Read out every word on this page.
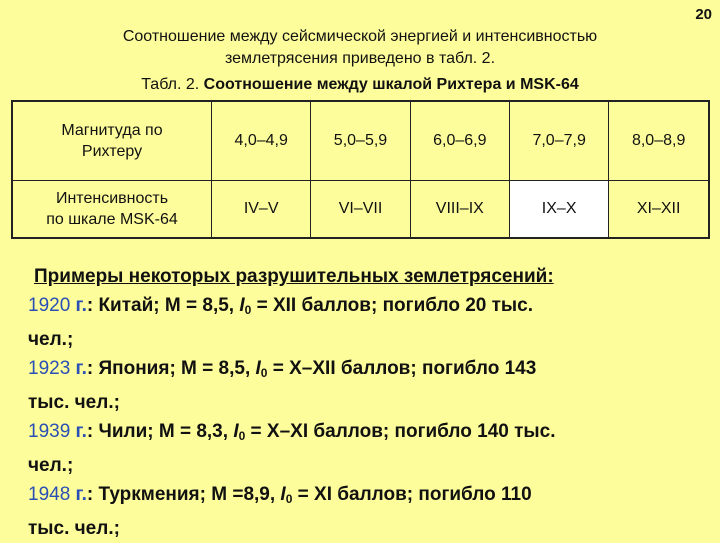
20
Соотношение между сейсмической энергией и интенсивностью
землетрясения приведено в табл. 2.
Табл. 2. Соотношение между шкалой Рихтера и MSK-64
Магнитуда по
Рихтеру	4,0–4,9	5,0–5,9	6,0–6,9	7,0–7,9	8,0–8,9

Интенсивность
по шкале MSK-64	IV–V	VI–VII	VIII–IX	IX–X	XI–XII
Примеры некоторых разрушительных землетрясений:
1920 г.: Китай; М = 8,5, $I_0$ = XII баллов; погибло 20 тыс.
чел.;
1923 г.: Япония; М = 8,5, $I_0 = X-XII$ баллов; погибло 143
тыс. чел.;
1939 г.: Чили; М = 8,3, $I_0 = X-XI$ баллов; погибло 140 тыс.
чел.;
1948 г.: Туркмения; М =8,9, $I_0$ = XI баллов; погибло 110
тыс. чел.;
